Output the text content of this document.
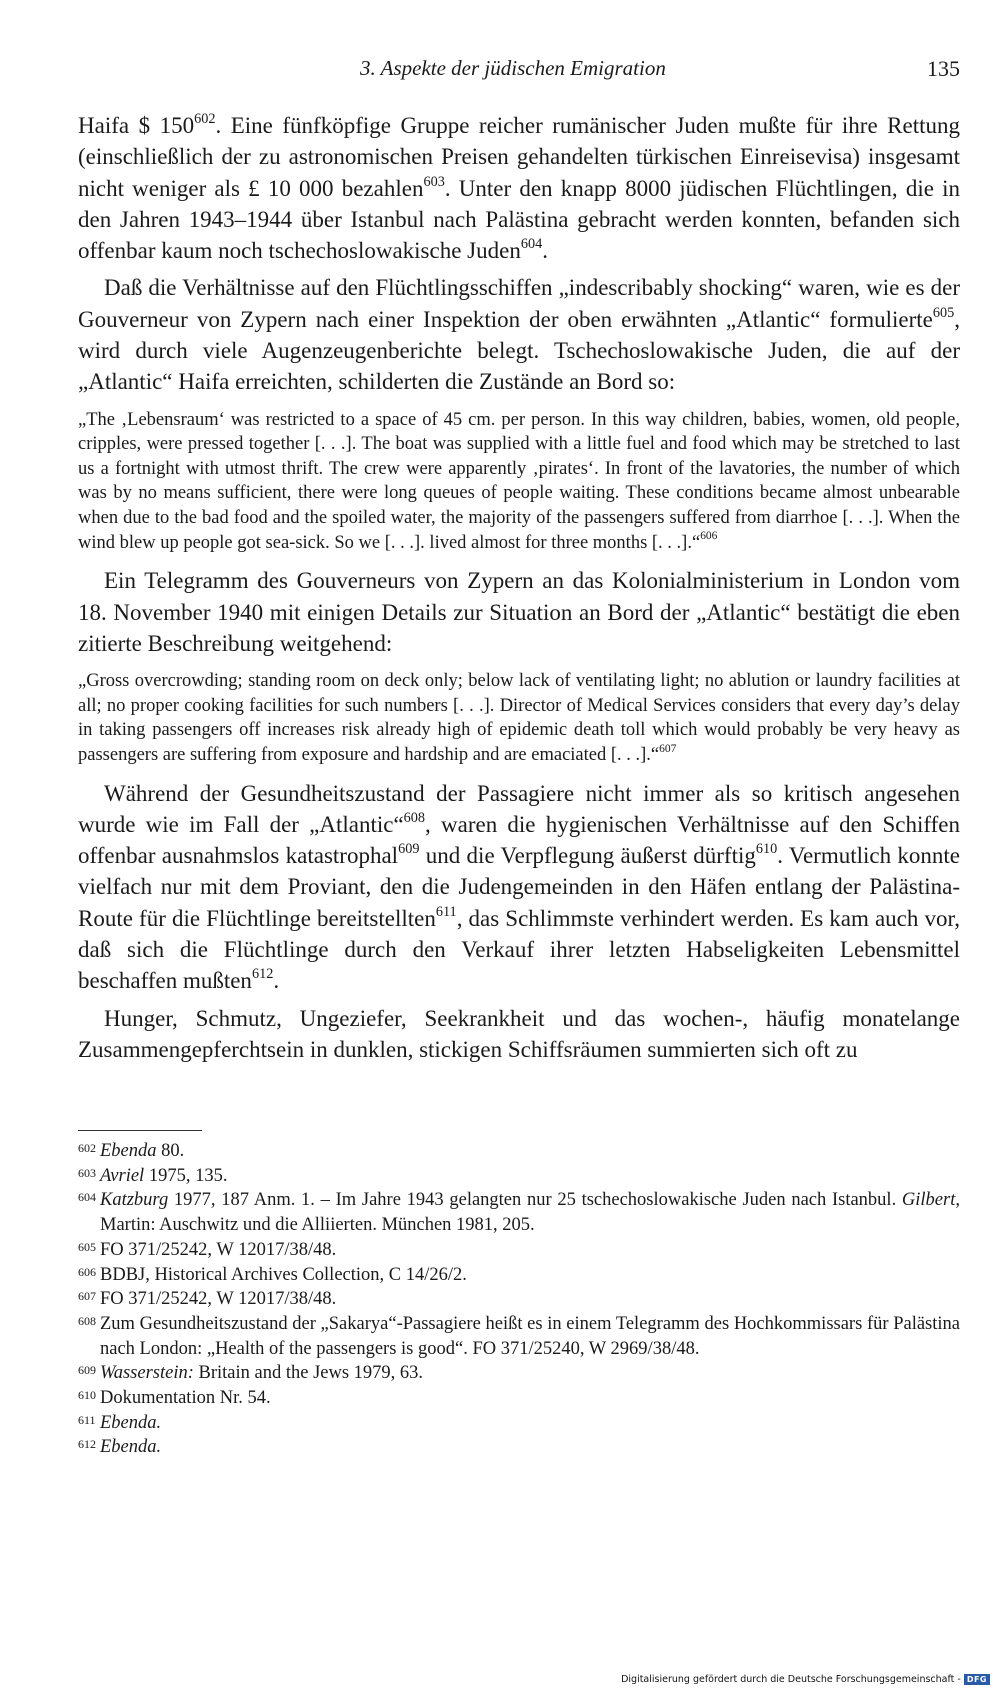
3. Aspekte der jüdischen Emigration	135

Haifa $ $150^{602}$. Eine fünfköpfige Gruppe reicher rumänischer Juden mußte für ihre Rettung (einschließlich der zu astronomischen Preisen gehandelten türkischen Einreisevisa) insgesamt nicht weniger als £ 10 000 bezahlen$^{603}$. Unter den knapp 8000 jüdischen Flüchtlingen, die in den Jahren 1943–1944 über Istanbul nach Palästina gebracht werden konnten, befanden sich offenbar kaum noch tschechoslowakische Juden$^{604}$.

Daß die Verhältnisse auf den Flüchtlingsschiffen „indescribably shocking“ waren, wie es der Gouverneur von Zypern nach einer Inspektion der oben erwähnten „Atlantic“ formulierte$^{605}$, wird durch viele Augenzeugenberichte belegt. Tschechoslowakische Juden, die auf der „Atlantic“ Haifa erreichten, schilderten die Zustände an Bord so:

„The ‚Lebensraum‘ was restricted to a space of 45 cm. per person. In this way children, babies, women, old people, cripples, were pressed together [. . .]. The boat was supplied with a little fuel and food which may be stretched to last us a fortnight with utmost thrift. The crew were apparently ‚pirates‘. In front of the lavatories, the number of which was by no means sufficient, there were long queues of people waiting. These conditions became almost unbearable when due to the bad food and the spoiled water, the majority of the passengers suffered from diarrhoe [. . .]. When the wind blew up people got sea-sick. So we [. . .]. lived almost for three months [. . .].“$^{606}$

Ein Telegramm des Gouverneurs von Zypern an das Kolonialministerium in London vom 18. November 1940 mit einigen Details zur Situation an Bord der „Atlantic“ bestätigt die eben zitierte Beschreibung weitgehend:

„Gross overcrowding; standing room on deck only; below lack of ventilating light; no ablution or laundry facilities at all; no proper cooking facilities for such numbers [. . .]. Director of Medical Services considers that every day’s delay in taking passengers off increases risk already high of epidemic death toll which would probably be very heavy as passengers are suffering from exposure and hardship and are emaciated [. . .].“$^{607}$

Während der Gesundheitszustand der Passagiere nicht immer als so kritisch angesehen wurde wie im Fall der „Atlantic“$^{608}$, waren die hygienischen Verhältnisse auf den Schiffen offenbar ausnahmslos katastrophal$^{609}$ und die Verpflegung äußerst dürftig$^{610}$. Vermutlich konnte vielfach nur mit dem Proviant, den die Judengemeinden in den Häfen entlang der Palästina-Route für die Flüchtlinge bereitstellten$^{611}$, das Schlimmste verhindert werden. Es kam auch vor, daß sich die Flüchtlinge durch den Verkauf ihrer letzten Habseligkeiten Lebensmittel beschaffen mußten$^{612}$.

Hunger, Schmutz, Ungeziefer, Seekrankheit und das wochen-, häufig monatelange Zusammengepferchtsein in dunklen, stickigen Schiffsräumen summierten sich oft zu

602 Ebenda 80.
603 Avriel 1975, 135.
604 Katzburg 1977, 187 Anm. 1. – Im Jahre 1943 gelangten nur 25 tschechoslowakische Juden nach Istanbul. Gilbert, Martin: Auschwitz und die Alliierten. München 1981, 205.
605 FO 371/25242, W 12017/38/48.
606 BDBJ, Historical Archives Collection, C 14/26/2.
607 FO 371/25242, W 12017/38/48.
608 Zum Gesundheitszustand der „Sakarya“-Passagiere heißt es in einem Telegramm des Hochkommissars für Palästina nach London: „Health of the passengers is good“. FO 371/25240, W 2969/38/48.
609 Wasserstein: Britain and the Jews 1979, 63.
610 Dokumentation Nr. 54.
611 Ebenda.
612 Ebenda.
Digitalisierung gefördert durch die Deutsche Forschungsgemeinschaft - DFG
